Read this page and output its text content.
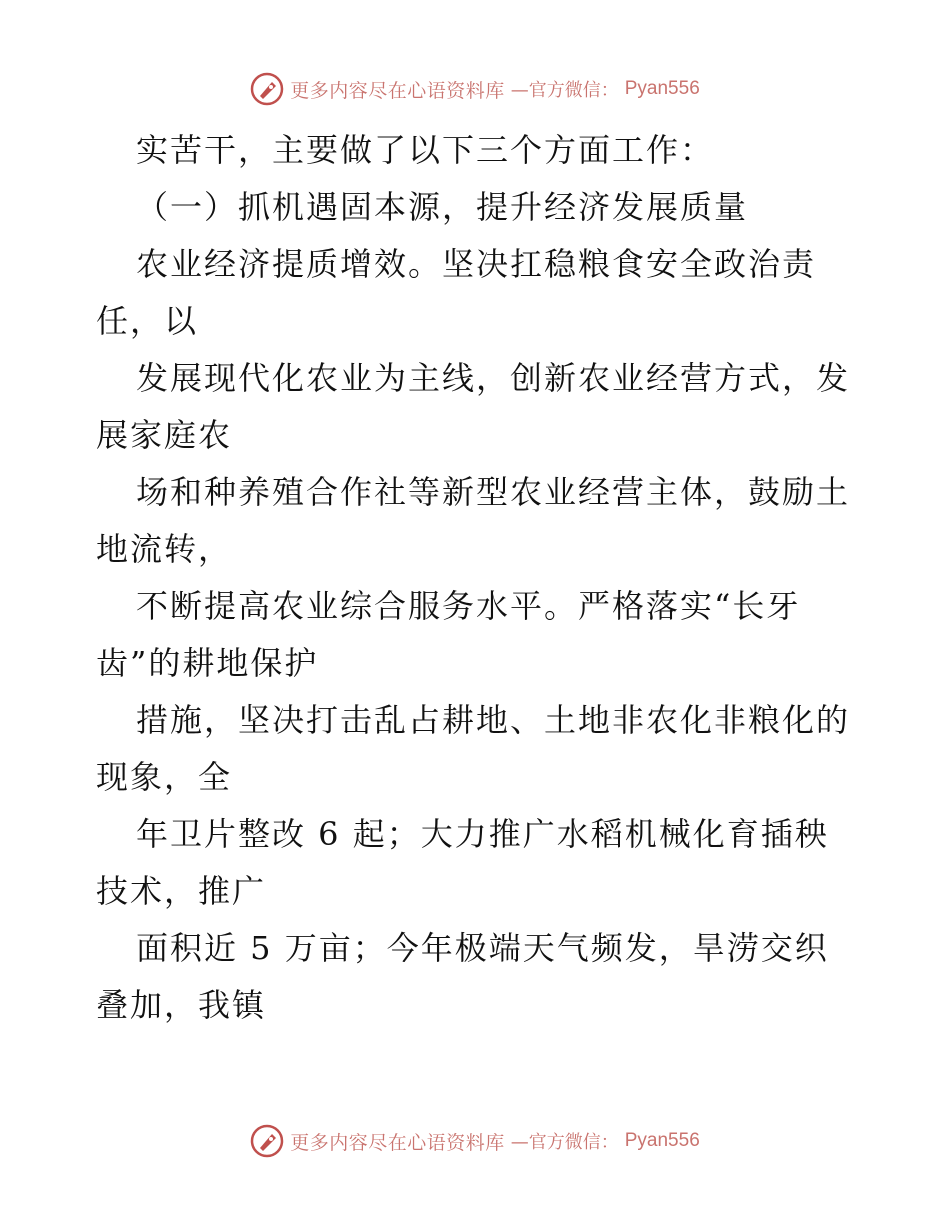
更多内容尽在心语资料库 —官方微信： Pyan556
实苦干，主要做了以下三个方面工作：
（一）抓机遇固本源，提升经济发展质量
农业经济提质增效。坚决扛稳粮食安全政治责
任，以
发展现代化农业为主线，创新农业经营方式，发
展家庭农
场和种养殖合作社等新型农业经营主体，鼓励土
地流转，
不断提高农业综合服务水平。严格落实“长牙
齿”的耕地保护
措施，坚决打击乱占耕地、土地非农化非粮化的
现象，全
年卫片整改 6 起；大力推广水稻机械化育插秧
技术，推广
面积近 5 万亩；今年极端天气频发，旱涝交织
叠加，我镇
更多内容尽在心语资料库 —官方微信： Pyan556
